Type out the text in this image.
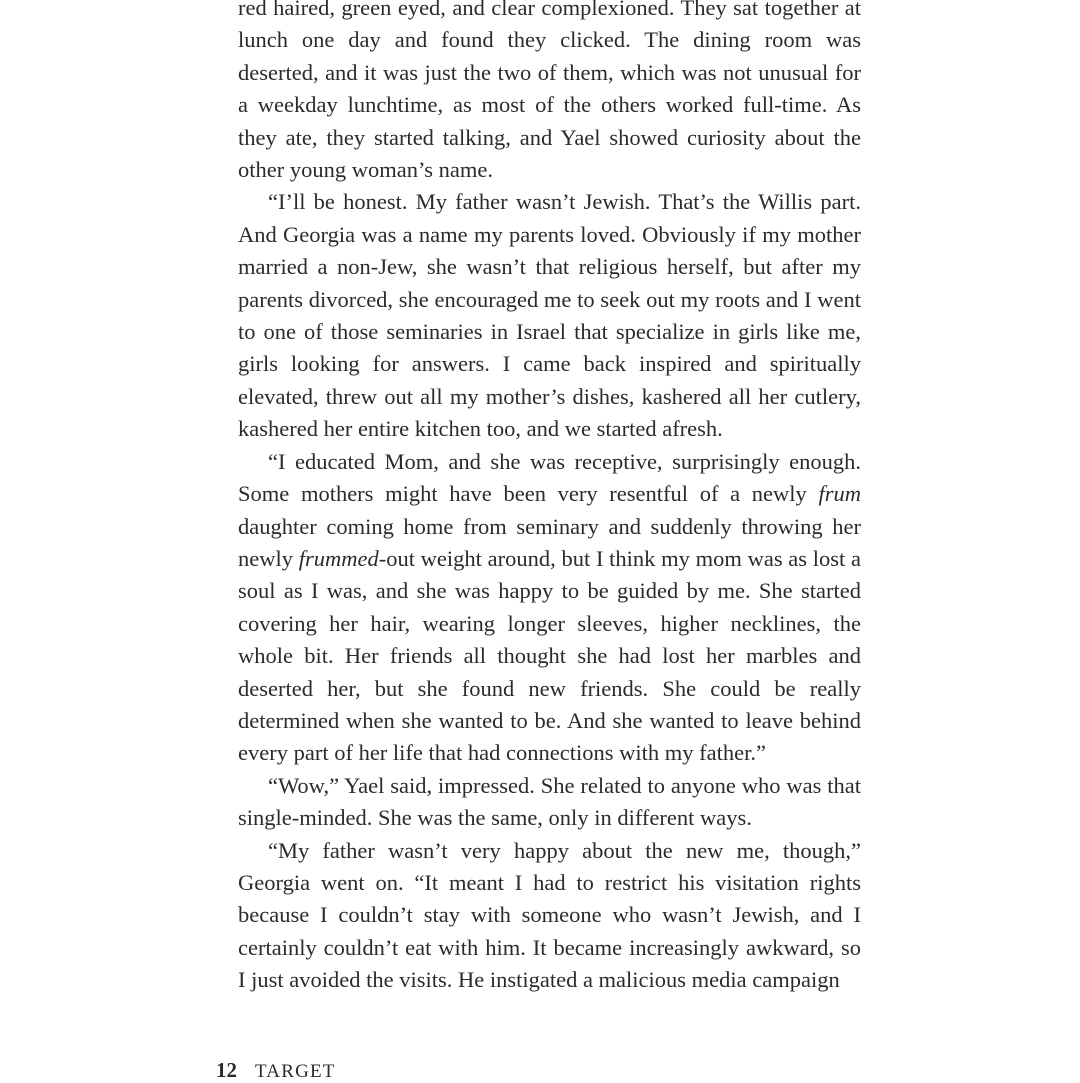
red haired, green eyed, and clear complexioned. They sat together at lunch one day and found they clicked. The dining room was deserted, and it was just the two of them, which was not unusual for a weekday lunchtime, as most of the others worked full-time. As they ate, they started talking, and Yael showed curiosity about the other young woman’s name.

“I’ll be honest. My father wasn’t Jewish. That’s the Willis part. And Georgia was a name my parents loved. Obviously if my mother married a non-Jew, she wasn’t that religious herself, but after my parents divorced, she encouraged me to seek out my roots and I went to one of those seminaries in Israel that specialize in girls like me, girls looking for answers. I came back inspired and spiritually elevated, threw out all my mother’s dishes, kashered all her cutlery, kashered her entire kitchen too, and we started afresh.

“I educated Mom, and she was receptive, surprisingly enough. Some mothers might have been very resentful of a newly frum daughter coming home from seminary and suddenly throwing her newly frummed-out weight around, but I think my mom was as lost a soul as I was, and she was happy to be guided by me. She started covering her hair, wearing longer sleeves, higher necklines, the whole bit. Her friends all thought she had lost her marbles and deserted her, but she found new friends. She could be really determined when she wanted to be. And she wanted to leave behind every part of her life that had connections with my father.”

“Wow,” Yael said, impressed. She related to anyone who was that single-minded. She was the same, only in different ways.

“My father wasn’t very happy about the new me, though,” Georgia went on. “It meant I had to restrict his visitation rights because I couldn’t stay with someone who wasn’t Jewish, and I certainly couldn’t eat with him. It became increasingly awkward, so I just avoided the visits. He instigated a malicious media campaign

12 TARGET
